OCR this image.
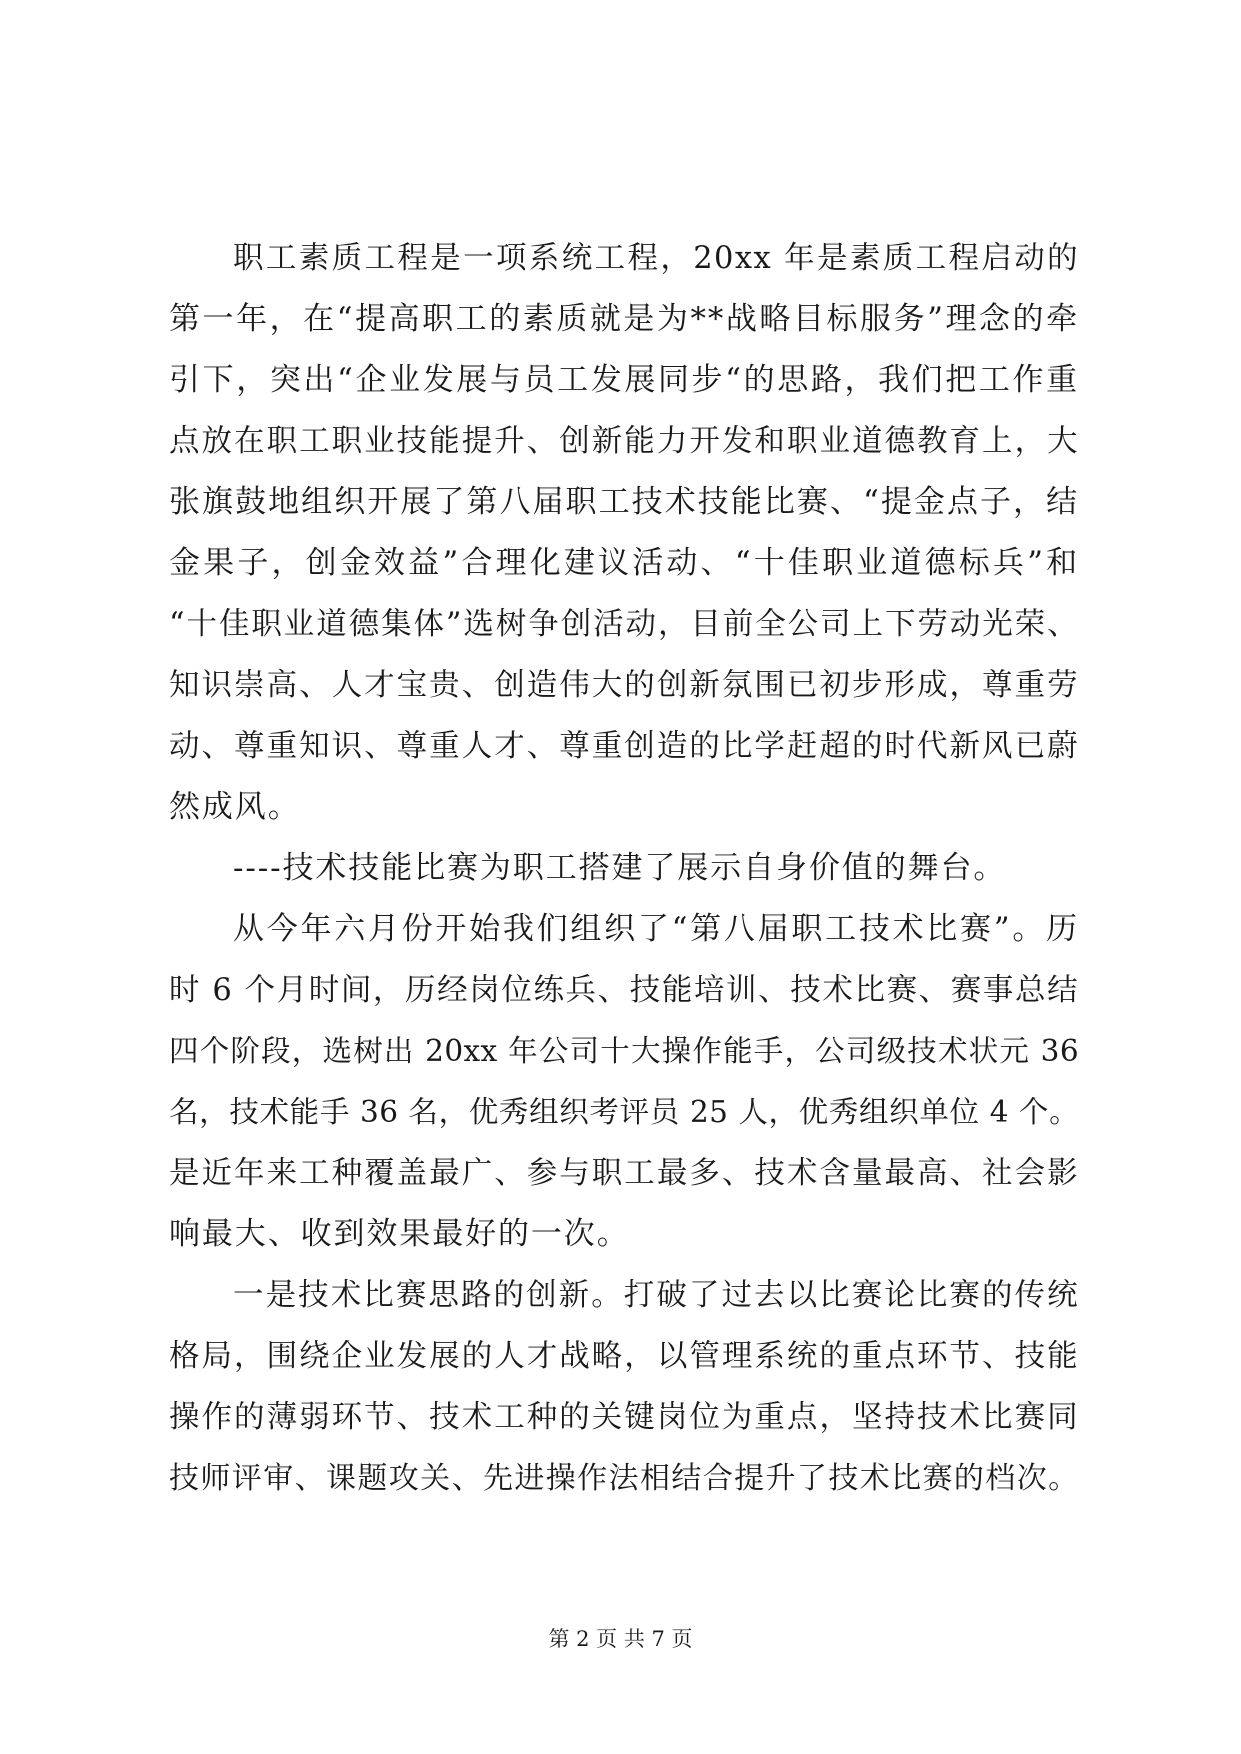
职工素质工程是一项系统工程，20xx 年是素质工程启动的
第一年，在“提高职工的素质就是为**战略目标服务”理念的牵
引下，突出“企业发展与员工发展同步“的思路，我们把工作重
点放在职工职业技能提升、创新能力开发和职业道德教育上，大
张旗鼓地组织开展了第八届职工技术技能比赛、“提金点子，结
金果子，创金效益”合理化建议活动、“十佳职业道德标兵”和
“十佳职业道德集体”选树争创活动，目前全公司上下劳动光荣、
知识崇高、人才宝贵、创造伟大的创新氛围已初步形成，尊重劳
动、尊重知识、尊重人才、尊重创造的比学赶超的时代新风已蔚
然成风。
----技术技能比赛为职工搭建了展示自身价值的舞台。
从今年六月份开始我们组织了“第八届职工技术比赛”。历
时 6 个月时间，历经岗位练兵、技能培训、技术比赛、赛事总结
四个阶段，选树出 20xx 年公司十大操作能手，公司级技术状元 36
名，技术能手 36 名，优秀组织考评员 25 人，优秀组织单位 4 个。
是近年来工种覆盖最广、参与职工最多、技术含量最高、社会影
响最大、收到效果最好的一次。
一是技术比赛思路的创新。打破了过去以比赛论比赛的传统
格局，围绕企业发展的人才战略，以管理系统的重点环节、技能
操作的薄弱环节、技术工种的关键岗位为重点，坚持技术比赛同
技师评审、课题攻关、先进操作法相结合提升了技术比赛的档次。
第 2 页 共 7 页
